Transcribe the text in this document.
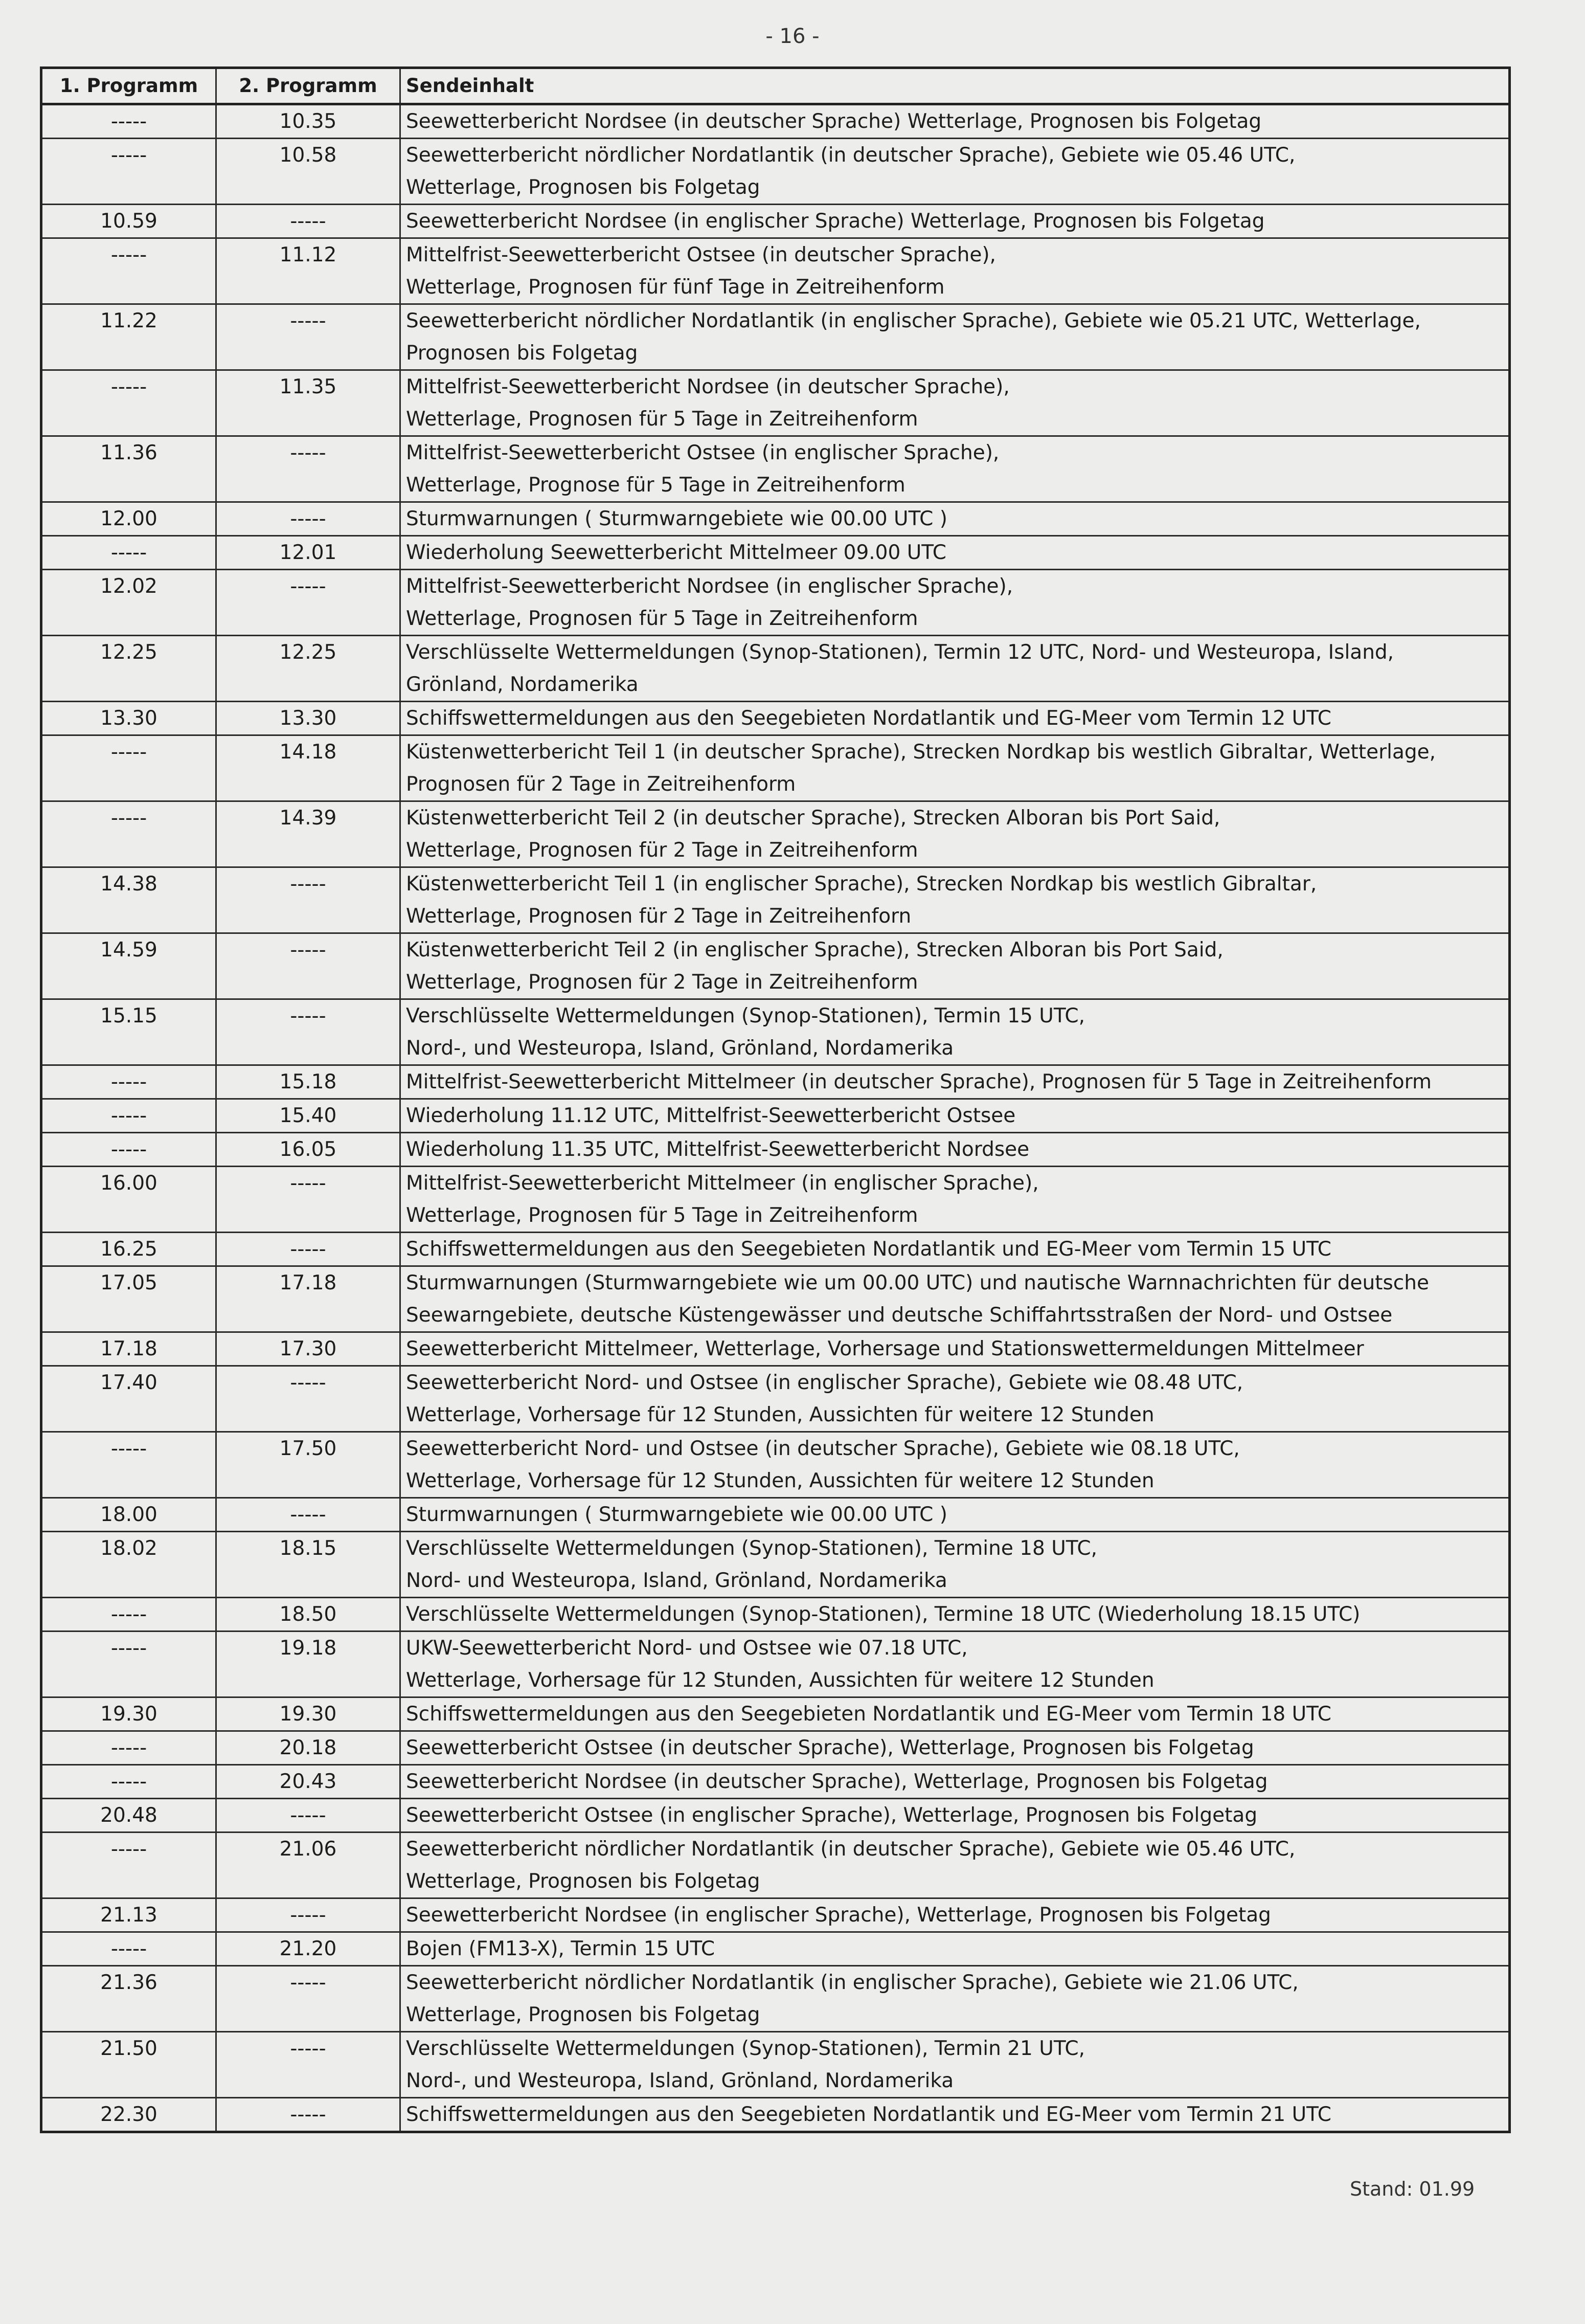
- 16 -
1. Programm	2. Programm	Sendeinhalt
-----	10.35	Seewetterbericht Nordsee (in deutscher Sprache) Wetterlage, Prognosen bis Folgetag

-----	10.58	Seewetterbericht nördlicher Nordatlantik (in deutscher Sprache), Gebiete wie 05.46 UTC,
Wetterlage, Prognosen bis Folgetag

10.59	-----	Seewetterbericht Nordsee (in englischer Sprache) Wetterlage, Prognosen bis Folgetag

-----	11.12	Mittelfrist-Seewetterbericht Ostsee (in deutscher Sprache),
Wetterlage, Prognosen für fünf Tage in Zeitreihenform

11.22	-----	Seewetterbericht nördlicher Nordatlantik (in englischer Sprache), Gebiete wie 05.21 UTC, Wetterlage,
Prognosen bis Folgetag

-----	11.35	Mittelfrist-Seewetterbericht Nordsee (in deutscher Sprache),
Wetterlage, Prognosen für 5 Tage in Zeitreihenform

11.36	-----	Mittelfrist-Seewetterbericht Ostsee (in englischer Sprache),
Wetterlage, Prognose für 5 Tage in Zeitreihenform

12.00	-----	Sturmwarnungen ( Sturmwarngebiete wie 00.00 UTC )

-----	12.01	Wiederholung Seewetterbericht Mittelmeer 09.00 UTC

12.02	-----	Mittelfrist-Seewetterbericht Nordsee (in englischer Sprache),
Wetterlage, Prognosen für 5 Tage in Zeitreihenform

12.25	12.25	Verschlüsselte Wettermeldungen (Synop-Stationen), Termin 12 UTC, Nord- und Westeuropa, Island,
Grönland, Nordamerika

13.30	13.30	Schiffswettermeldungen aus den Seegebieten Nordatlantik und EG-Meer vom Termin 12 UTC

-----	14.18	Küstenwetterbericht Teil 1 (in deutscher Sprache), Strecken Nordkap bis westlich Gibraltar, Wetterlage,
Prognosen für 2 Tage in Zeitreihenform

-----	14.39	Küstenwetterbericht Teil 2 (in deutscher Sprache), Strecken Alboran bis Port Said,
Wetterlage, Prognosen für 2 Tage in Zeitreihenform

14.38	-----	Küstenwetterbericht Teil 1 (in englischer Sprache), Strecken Nordkap bis westlich Gibraltar,
Wetterlage, Prognosen für 2 Tage in Zeitreihenforn

14.59	-----	Küstenwetterbericht Teil 2 (in englischer Sprache), Strecken Alboran bis Port Said,
Wetterlage, Prognosen für 2 Tage in Zeitreihenform

15.15	-----	Verschlüsselte Wettermeldungen (Synop-Stationen), Termin 15 UTC,
Nord-, und Westeuropa, Island, Grönland, Nordamerika

-----	15.18	Mittelfrist-Seewetterbericht Mittelmeer (in deutscher Sprache), Prognosen für 5 Tage in Zeitreihenform

-----	15.40	Wiederholung 11.12 UTC, Mittelfrist-Seewetterbericht Ostsee

-----	16.05	Wiederholung 11.35 UTC, Mittelfrist-Seewetterbericht Nordsee

16.00	-----	Mittelfrist-Seewetterbericht Mittelmeer (in englischer Sprache),
Wetterlage, Prognosen für 5 Tage in Zeitreihenform

16.25	-----	Schiffswettermeldungen aus den Seegebieten Nordatlantik und EG-Meer vom Termin 15 UTC

17.05	17.18	Sturmwarnungen (Sturmwarngebiete wie um 00.00 UTC) und nautische Warnnachrichten für deutsche
Seewarngebiete, deutsche Küstengewässer und deutsche Schiffahrtsstraßen der Nord- und Ostsee

17.18	17.30	Seewetterbericht Mittelmeer, Wetterlage, Vorhersage und Stationswettermeldungen Mittelmeer

17.40	-----	Seewetterbericht Nord- und Ostsee (in englischer Sprache), Gebiete wie 08.48 UTC,
Wetterlage, Vorhersage für 12 Stunden, Aussichten für weitere 12 Stunden

-----	17.50	Seewetterbericht Nord- und Ostsee (in deutscher Sprache), Gebiete wie 08.18 UTC,
Wetterlage, Vorhersage für 12 Stunden, Aussichten für weitere 12 Stunden

18.00	-----	Sturmwarnungen ( Sturmwarngebiete wie 00.00 UTC )

18.02	18.15	Verschlüsselte Wettermeldungen (Synop-Stationen), Termine 18 UTC,
Nord- und Westeuropa, Island, Grönland, Nordamerika

-----	18.50	Verschlüsselte Wettermeldungen (Synop-Stationen), Termine 18 UTC (Wiederholung 18.15 UTC)

-----	19.18	UKW-Seewetterbericht Nord- und Ostsee wie 07.18 UTC,
Wetterlage, Vorhersage für 12 Stunden, Aussichten für weitere 12 Stunden

19.30	19.30	Schiffswettermeldungen aus den Seegebieten Nordatlantik und EG-Meer vom Termin 18 UTC

-----	20.18	Seewetterbericht Ostsee (in deutscher Sprache), Wetterlage, Prognosen bis Folgetag

-----	20.43	Seewetterbericht Nordsee (in deutscher Sprache), Wetterlage, Prognosen bis Folgetag

20.48	-----	Seewetterbericht Ostsee (in englischer Sprache), Wetterlage, Prognosen bis Folgetag

-----	21.06	Seewetterbericht nördlicher Nordatlantik (in deutscher Sprache), Gebiete wie 05.46 UTC,
Wetterlage, Prognosen bis Folgetag

21.13	-----	Seewetterbericht Nordsee (in englischer Sprache), Wetterlage, Prognosen bis Folgetag

-----	21.20	Bojen (FM13-X), Termin 15 UTC

21.36	-----	Seewetterbericht nördlicher Nordatlantik (in englischer Sprache), Gebiete wie 21.06 UTC,
Wetterlage, Prognosen bis Folgetag

21.50	-----	Verschlüsselte Wettermeldungen (Synop-Stationen), Termin 21 UTC,
Nord-, und Westeuropa, Island, Grönland, Nordamerika

22.30	-----	Schiffswettermeldungen aus den Seegebieten Nordatlantik und EG-Meer vom Termin 21 UTC
Stand: 01.99
